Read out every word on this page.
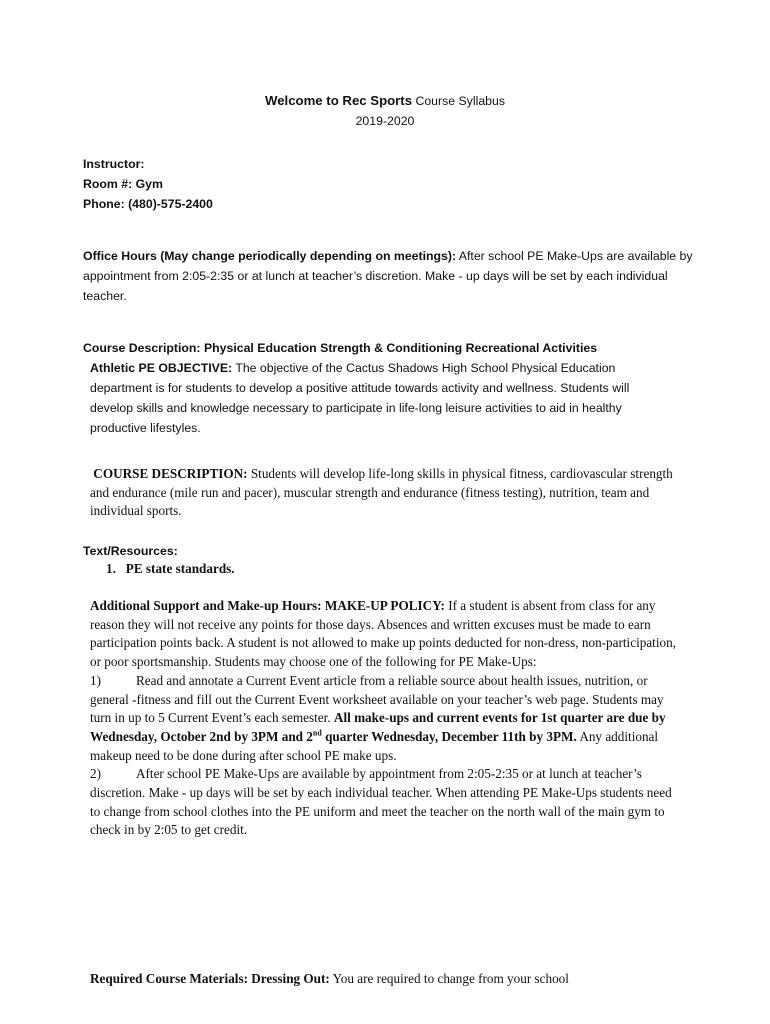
Welcome to Rec Sports Course Syllabus
2019-2020
Instructor:
Room #: Gym
Phone: (480)-575-2400
Office Hours (May change periodically depending on meetings): After school PE Make-Ups are available by appointment from 2:05-2:35 or at lunch at teacher’s discretion. Make - up days will be set by each individual teacher.
Course Description: Physical Education Strength & Conditioning Recreational Activities
Athletic PE OBJECTIVE: The objective of the Cactus Shadows High School Physical Education department is for students to develop a positive attitude towards activity and wellness. Students will develop skills and knowledge necessary to participate in life-long leisure activities to aid in healthy productive lifestyles.
COURSE DESCRIPTION: Students will develop life-long skills in physical fitness, cardiovascular strength and endurance (mile run and pacer), muscular strength and endurance (fitness testing), nutrition, team and individual sports.
Text/Resources:
1. PE state standards.
Additional Support and Make-up Hours: MAKE-UP POLICY: If a student is absent from class for any reason they will not receive any points for those days. Absences and written excuses must be made to earn participation points back. A student is not allowed to make up points deducted for non-dress, non-participation, or poor sportsmanship. Students may choose one of the following for PE Make-Ups:
1)	Read and annotate a Current Event article from a reliable source about health issues, nutrition, or general ‑fitness and fill out the Current Event worksheet available on your teacher’s web page. Students may turn in up to 5 Current Event’s each semester. All make-ups and current events for 1st quarter are due by Wednesday, October 2nd by 3PM and 2nd quarter Wednesday, December 11th by 3PM. Any additional makeup need to be done during after school PE make ups.
2)	After school PE Make-Ups are available by appointment from 2:05-2:35 or at lunch at teacher’s discretion. Make - up days will be set by each individual teacher. When attending PE Make-Ups students need to change from school clothes into the PE uniform and meet the teacher on the north wall of the main gym to check in by 2:05 to get credit.
Required Course Materials: Dressing Out: You are required to change from your school
